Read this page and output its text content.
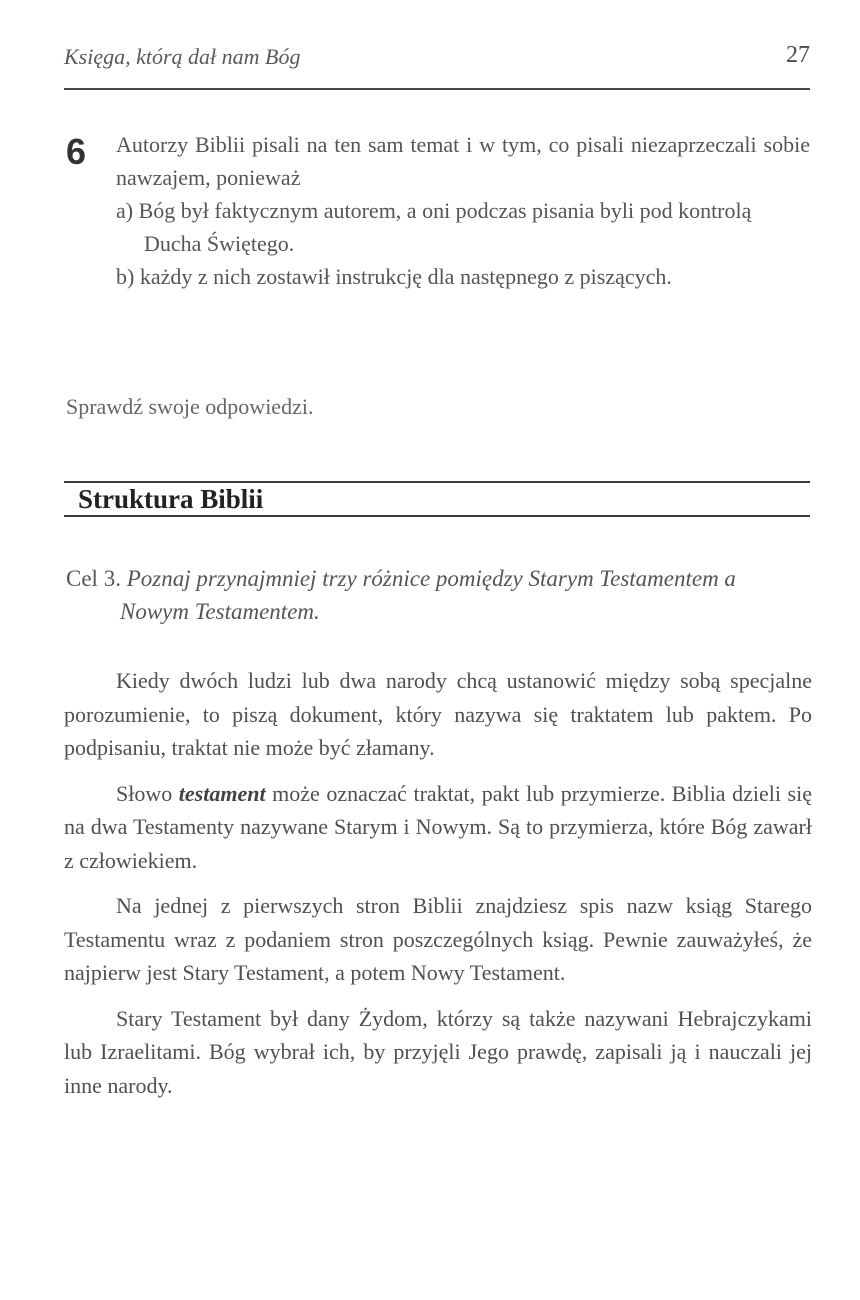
Księga, którą dał nam Bóg	27
6 Autorzy Biblii pisali na ten sam temat i w tym, co pisali niezaprzeczali sobie nawzajem, ponieważ
a) Bóg był faktycznym autorem, a oni podczas pisania byli pod kontrolą Ducha Świętego.
b) każdy z nich zostawił instrukcję dla następnego z piszących.
Sprawdź swoje odpowiedzi.
Struktura Biblii
Cel 3. Poznaj przynajmniej trzy różnice pomiędzy Starym Testamentem a Nowym Testamentem.

Kiedy dwóch ludzi lub dwa narody chcą ustanowić między sobą specjalne porozumienie, to piszą dokument, który nazywa się traktatem lub paktem. Po podpisaniu, traktat nie może być złamany.

Słowo testament może oznaczać traktat, pakt lub przymierze. Biblia dzieli się na dwa Testamenty nazywane Starym i Nowym. Są to przymierza, które Bóg zawarł z człowiekiem.

Na jednej z pierwszych stron Biblii znajdziesz spis nazw ksiąg Starego Testamentu wraz z podaniem stron poszczególnych ksiąg. Pewnie zauważyłeś, że najpierw jest Stary Testament, a potem Nowy Testament.

Stary Testament był dany Żydom, którzy są także nazywani Hebrajczykami lub Izraelitami. Bóg wybrał ich, by przyjęli Jego prawdę, zapisali ją i nauczali jej inne narody.
